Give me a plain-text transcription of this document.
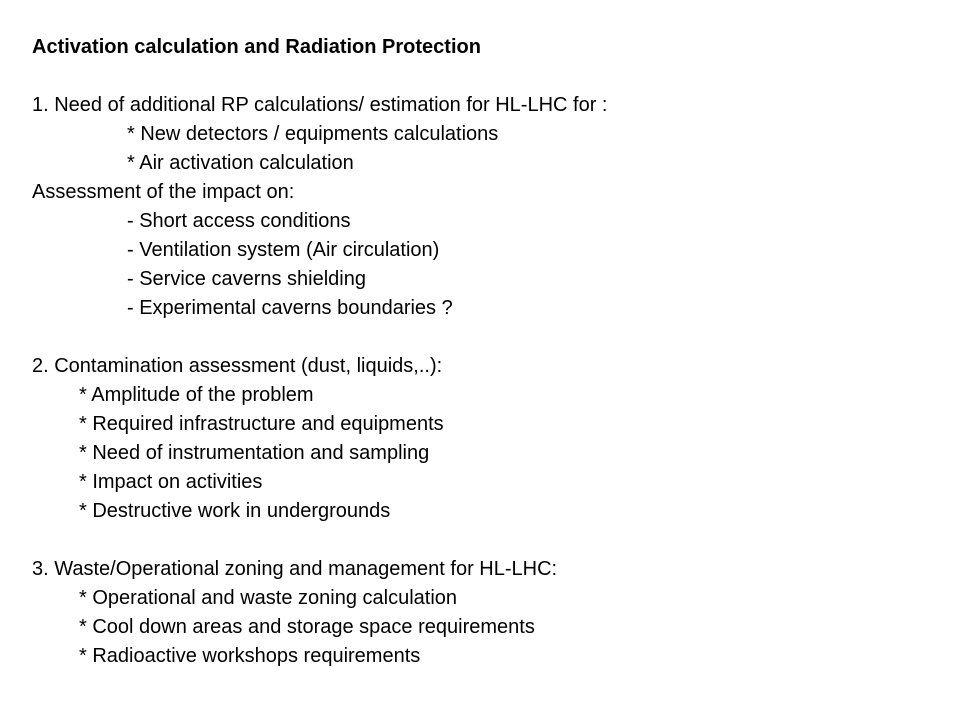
Activation calculation and Radiation Protection
1. Need of additional RP calculations/ estimation for HL-LHC for :
* New detectors / equipments calculations
* Air activation calculation
Assessment of the impact on:
- Short access conditions
- Ventilation system (Air circulation)
- Service caverns shielding
- Experimental caverns boundaries ?
2. Contamination assessment (dust, liquids,..):
* Amplitude of the problem
* Required infrastructure and equipments
* Need of instrumentation and sampling
* Impact on activities
* Destructive work in undergrounds
3. Waste/Operational zoning and management for HL-LHC:
* Operational and waste zoning calculation
* Cool down areas and storage space requirements
* Radioactive workshops requirements
